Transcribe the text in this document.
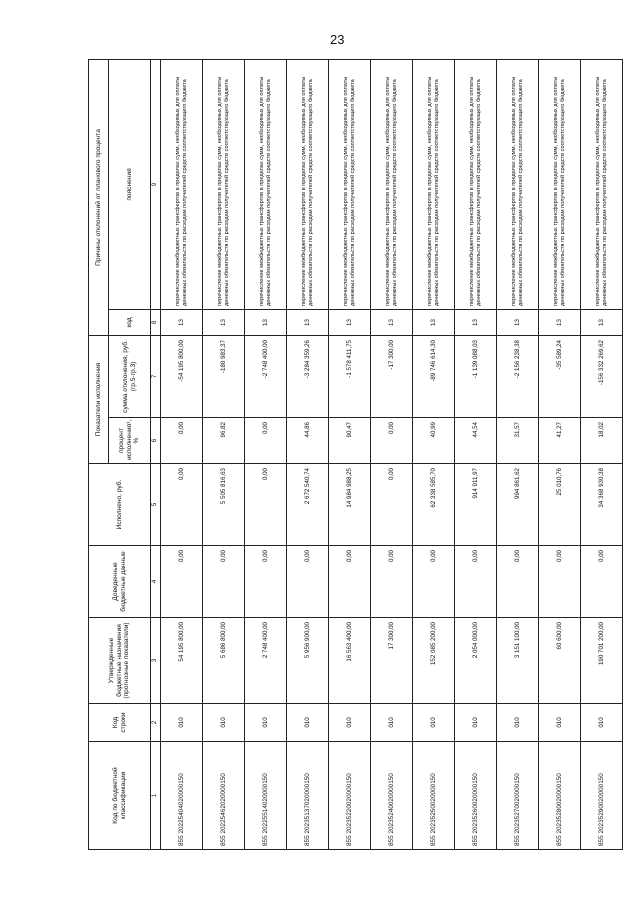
23
Код по бюджетной классификации	Код строки	Утвержденные бюджетные назначения (прогнозные показатели)	Доведенные бюджетные данные	Исполнено, руб.	Показатели исполнения		Причины отклонений от планового процента	
					процент исполнения¹, %	сумма отклонения, руб. (гр.5-гр.3)	код	пояснения
1	2	3	4	5	6	7	8	9
855 20225404020000150	010	54 195 800,00	0,00	0,00	0,00	-54 195 800,00	13	перечисление межбюджетных трансфертов в пределах сумм, необходимых для оплаты денежных обязательств по расходам получателей средств соответствующего бюджета
855 20225462020000150	010	5 686 800,00	0,00	5 505 816,63	96,82	-180 983,37	13	перечисление межбюджетных трансфертов в пределах сумм, необходимых для оплаты денежных обязательств по расходам получателей средств соответствующего бюджета
855 20225514020000150	010	2 748 400,00	0,00	0,00	0,00	-2 748 400,00	13	перечисление межбюджетных трансфертов в пределах сумм, необходимых для оплаты денежных обязательств по расходам получателей средств соответствующего бюджета
855 20235137020000150	010	5 956 900,00	0,00	2 672 540,74	44,86	-3 284 359,26	13	перечисление межбюджетных трансфертов в пределах сумм, необходимых для оплаты денежных обязательств по расходам получателей средств соответствующего бюджета
855 20235220020000150	010	16 563 400,00	0,00	14 984 988,25	90,47	-1 578 411,75	13	перечисление межбюджетных трансфертов в пределах сумм, необходимых для оплаты денежных обязательств по расходам получателей средств соответствующего бюджета
855 20235240020000150	010	17 300,00	0,00	0,00	0,00	-17 300,00	13	перечисление межбюджетных трансфертов в пределах сумм, необходимых для оплаты денежных обязательств по расходам получателей средств соответствующего бюджета
855 20235250020000150	010	152 085 200,00	0,00	62 338 585,70	40,99	-89 746 614,30	13	перечисление межбюджетных трансфертов в пределах сумм, необходимых для оплаты денежных обязательств по расходам получателей средств соответствующего бюджета
855 20235260020000150	010	2 054 000,00	0,00	914 911,97	44,54	-1 139 088,03	13	перечисление межбюджетных трансфертов в пределах сумм, необходимых для оплаты денежных обязательств по расходам получателей средств соответствующего бюджета
855 20235270020000150	010	3 151 100,00	0,00	994 861,62	31,57	-2 156 238,38	13	перечисление межбюджетных трансфертов в пределах сумм, необходимых для оплаты денежных обязательств по расходам получателей средств соответствующего бюджета
855 20235280020000150	010	60 600,00	0,00	25 010,76	41,27	-35 589,24	13	перечисление межбюджетных трансфертов в пределах сумм, необходимых для оплаты денежных обязательств по расходам получателей средств соответствующего бюджета
855 20235290020000150	010	190 701 200,00	0,00	34 368 930,38	18,02	-156 332 269,62	13	перечисление межбюджетных трансфертов в пределах сумм, необходимых для оплаты денежных обязательств по расходам получателей средств соответствующего бюджета
